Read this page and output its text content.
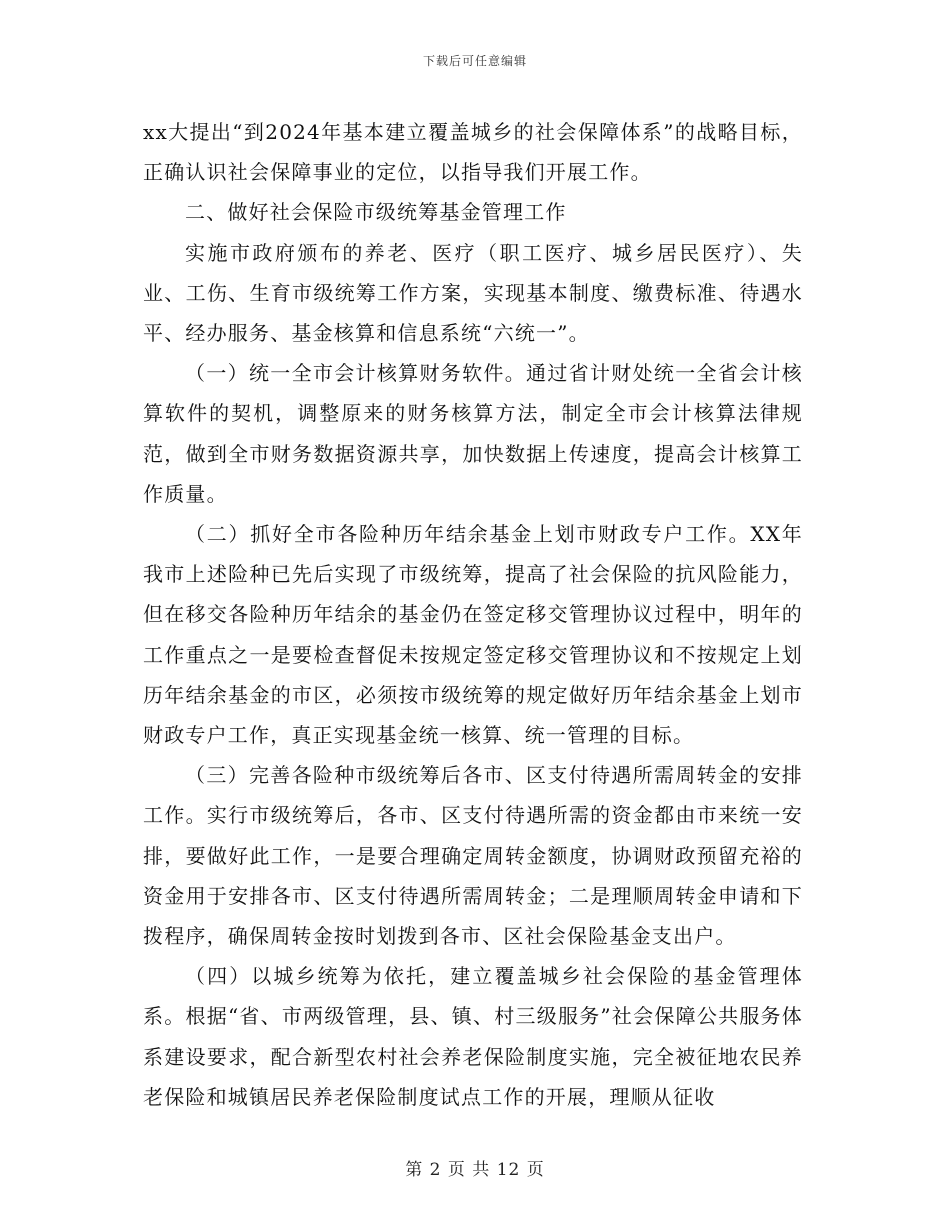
下载后可任意编辑

xx大提出“到2024年基本建立覆盖城乡的社会保障体系”的战略目标，正确认识社会保障事业的定位，以指导我们开展工作。

二、做好社会保险市级统筹基金管理工作

实施市政府颁布的养老、医疗（职工医疗、城乡居民医疗）、失业、工伤、生育市级统筹工作方案，实现基本制度、缴费标准、待遇水平、经办服务、基金核算和信息系统“六统一”。

（一）统一全市会计核算财务软件。通过省计财处统一全省会计核算软件的契机，调整原来的财务核算方法，制定全市会计核算法律规范，做到全市财务数据资源共享，加快数据上传速度，提高会计核算工作质量。

（二）抓好全市各险种历年结余基金上划市财政专户工作。XX年我市上述险种已先后实现了市级统筹，提高了社会保险的抗风险能力，但在移交各险种历年结余的基金仍在签定移交管理协议过程中，明年的工作重点之一是要检查督促未按规定签定移交管理协议和不按规定上划历年结余基金的市区，必须按市级统筹的规定做好历年结余基金上划市财政专户工作，真正实现基金统一核算、统一管理的目标。

（三）完善各险种市级统筹后各市、区支付待遇所需周转金的安排工作。实行市级统筹后，各市、区支付待遇所需的资金都由市来统一安排，要做好此工作，一是要合理确定周转金额度，协调财政预留充裕的资金用于安排各市、区支付待遇所需周转金；二是理顺周转金申请和下拨程序，确保周转金按时划拨到各市、区社会保险基金支出户。

（四）以城乡统筹为依托，建立覆盖城乡社会保险的基金管理体系。根据“省、市两级管理，县、镇、村三级服务”社会保障公共服务体系建设要求，配合新型农村社会养老保险制度实施，完全被征地农民养老保险和城镇居民养老保险制度试点工作的开展，理顺从征收

第 2 页 共 12 页
